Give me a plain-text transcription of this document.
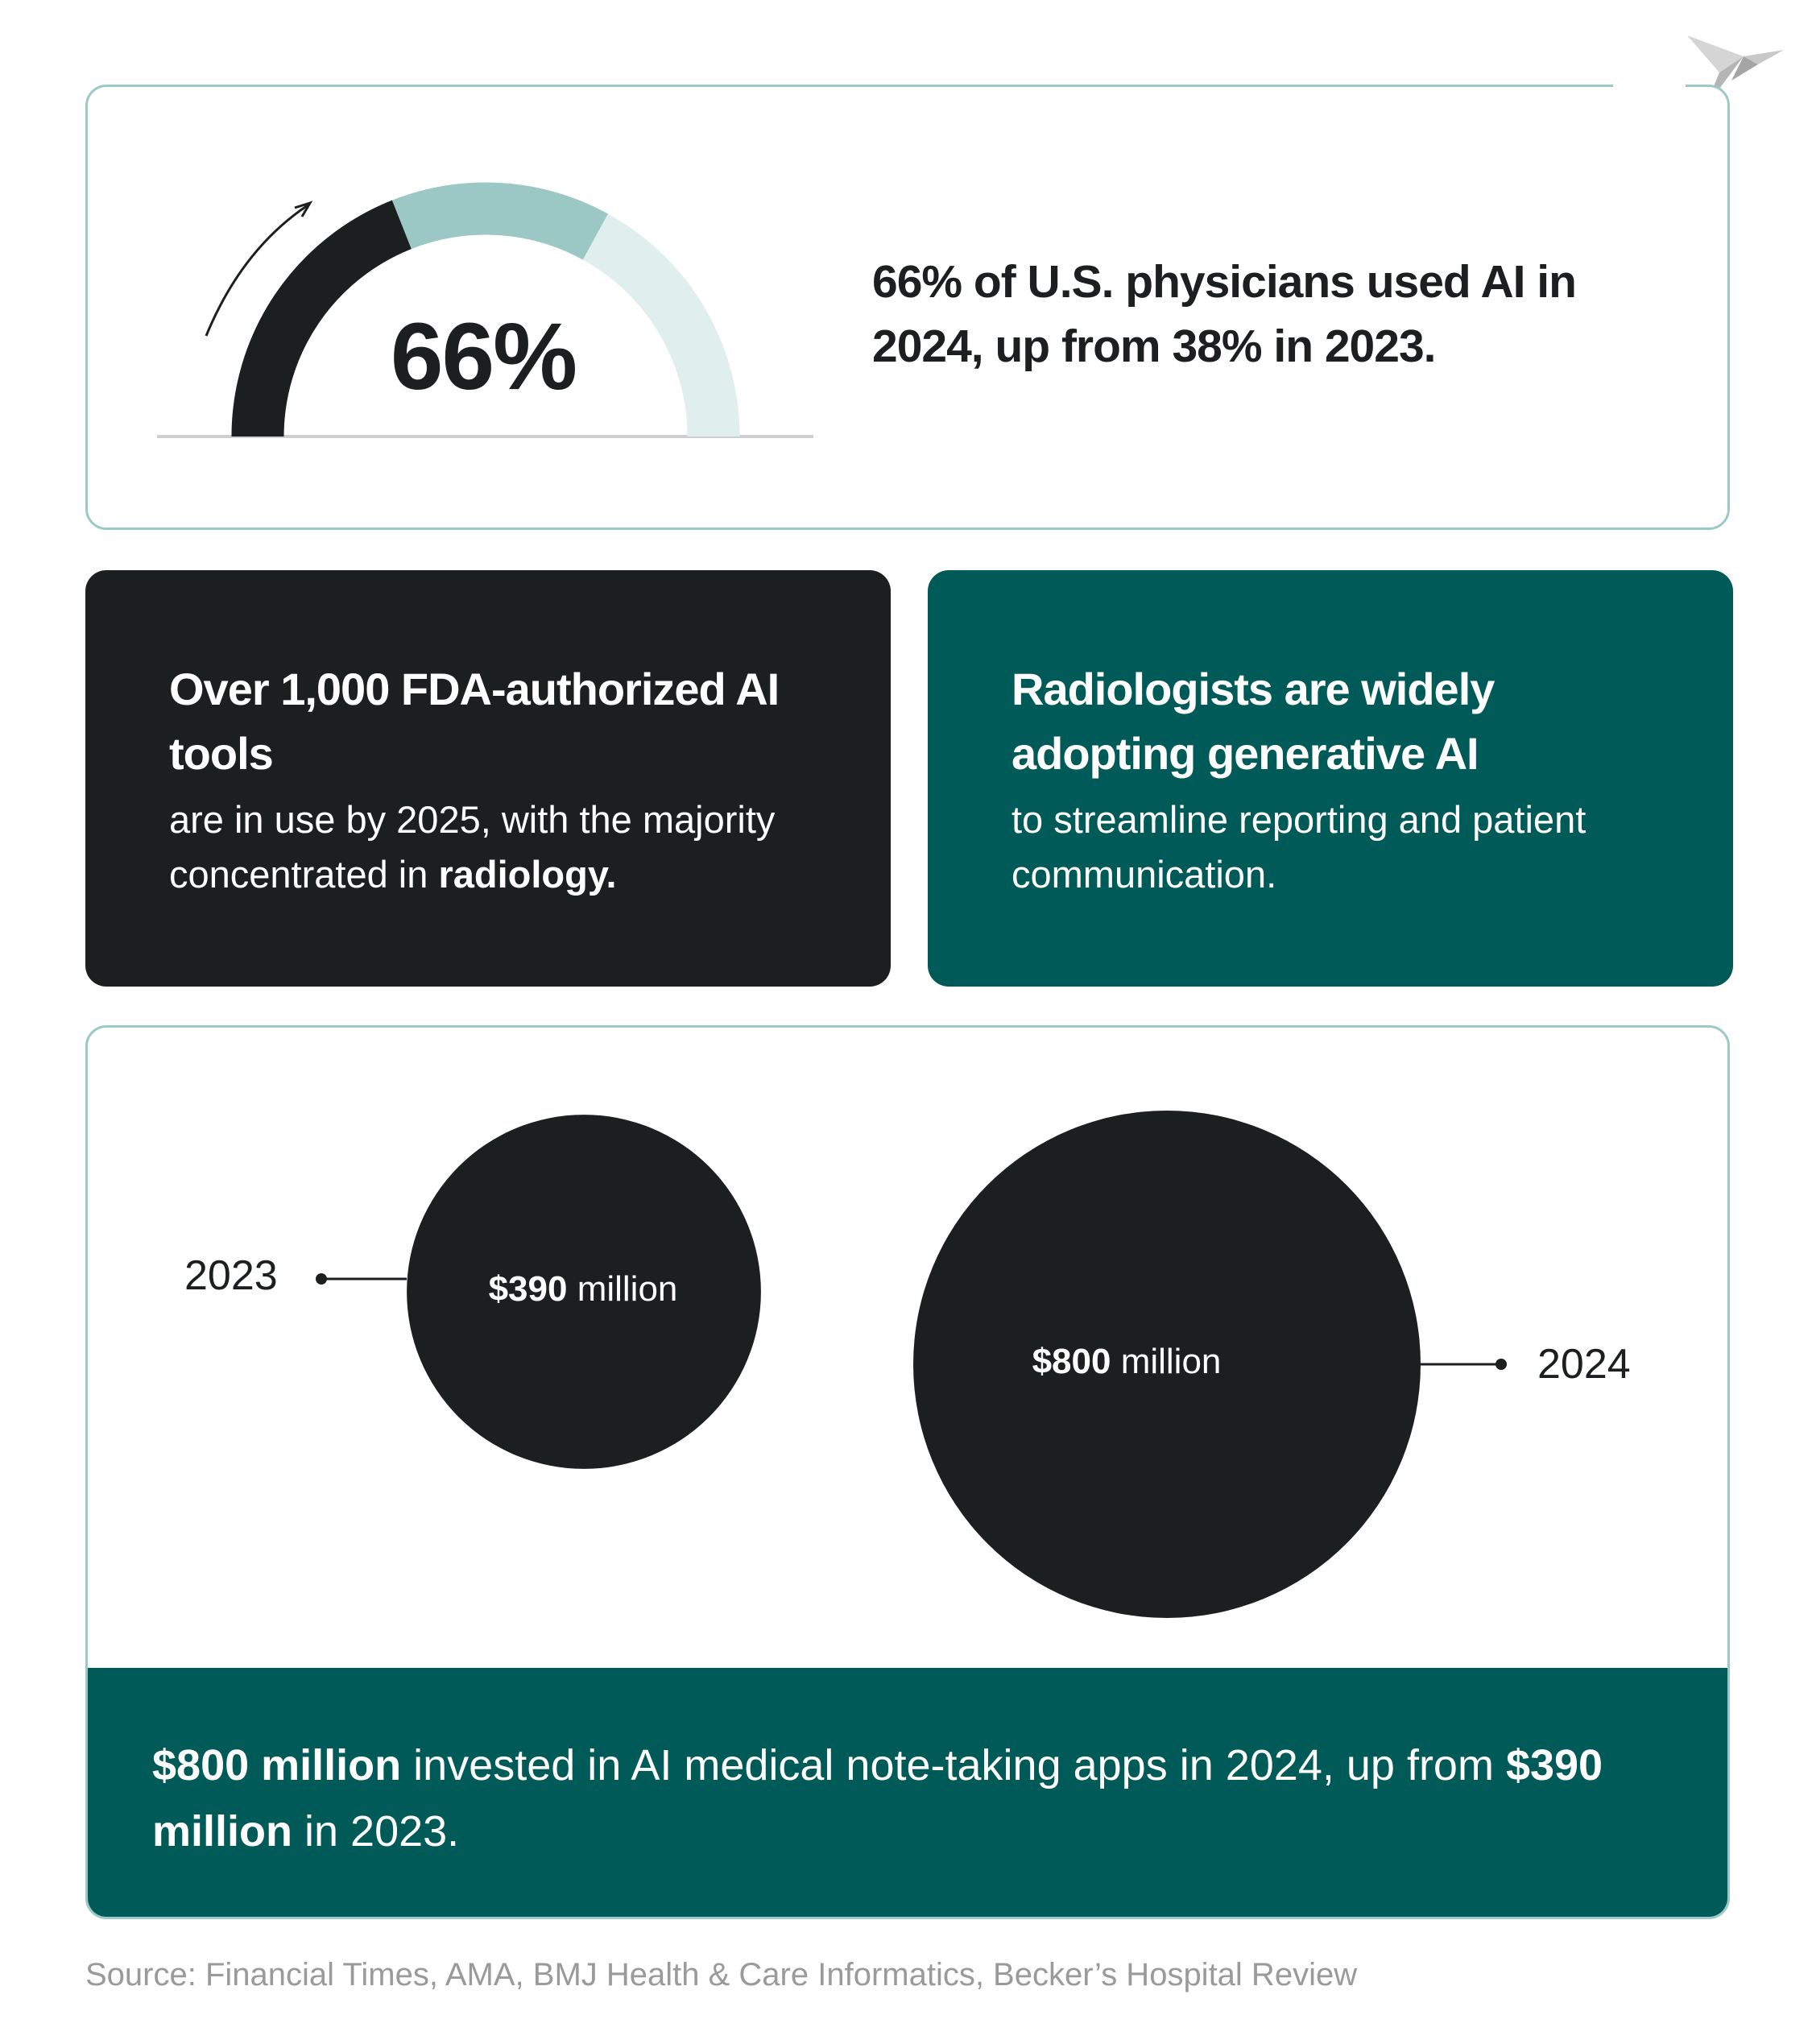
66%
66% of U.S. physicians used AI in 2024, up from 38% in 2023.
Over 1,000 FDA-authorized AI tools
are in use by 2025, with the majority concentrated in radiology.
Radiologists are widely adopting generative AI
to streamline reporting and patient communication.
2023
2024
$390 million
$800 million
$800 million invested in AI medical note-taking apps in 2024, up from $390 million in 2023.
Source: Financial Times, AMA, BMJ Health & Care Informatics, Becker’s Hospital Review
